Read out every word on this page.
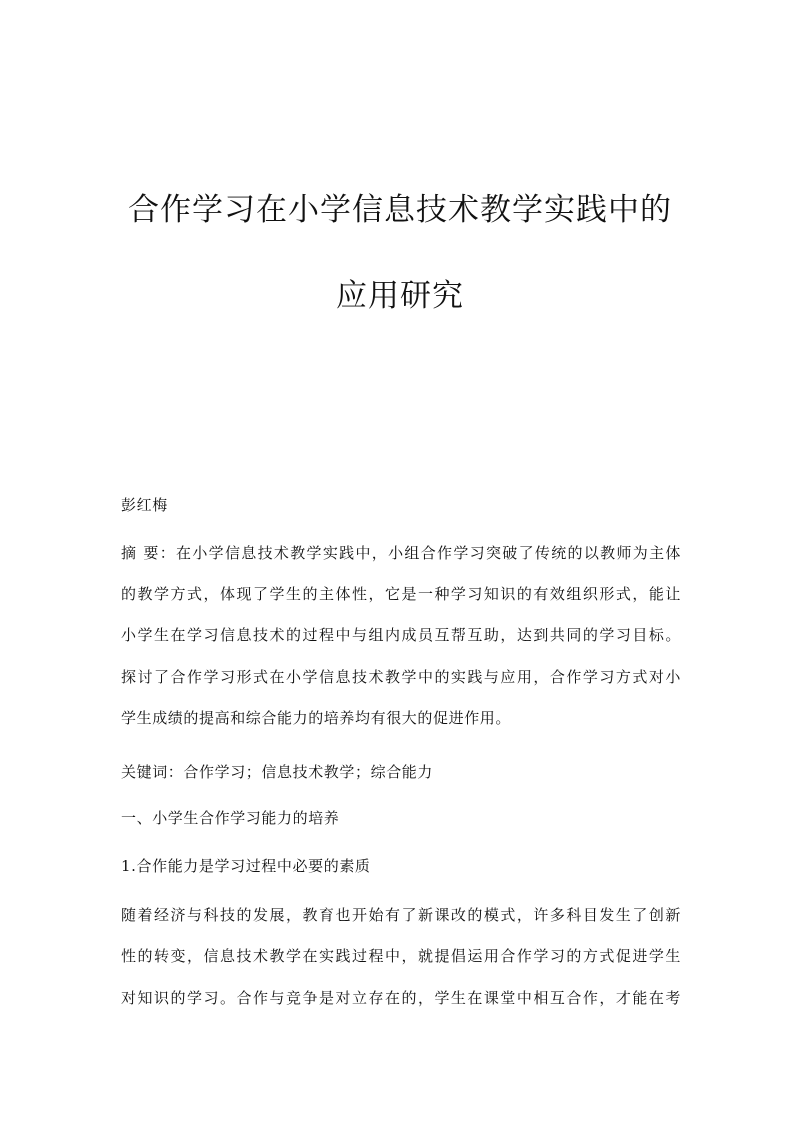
合作学习在小学信息技术教学实践中的
应用研究
彭红梅
摘 要：在小学信息技术教学实践中，小组合作学习突破了传统的以教师为主体
的教学方式，体现了学生的主体性，它是一种学习知识的有效组织形式，能让
小学生在学习信息技术的过程中与组内成员互帮互助，达到共同的学习目标。
探讨了合作学习形式在小学信息技术教学中的实践与应用，合作学习方式对小
学生成绩的提高和综合能力的培养均有很大的促进作用。
关键词：合作学习；信息技术教学；综合能力
一、小学生合作学习能力的培养
1.合作能力是学习过程中必要的素质
随着经济与科技的发展，教育也开始有了新课改的模式，许多科目发生了创新
性的转变，信息技术教学在实践过程中，就提倡运用合作学习的方式促进学生
对知识的学习。合作与竞争是对立存在的，学生在课堂中相互合作，才能在考
